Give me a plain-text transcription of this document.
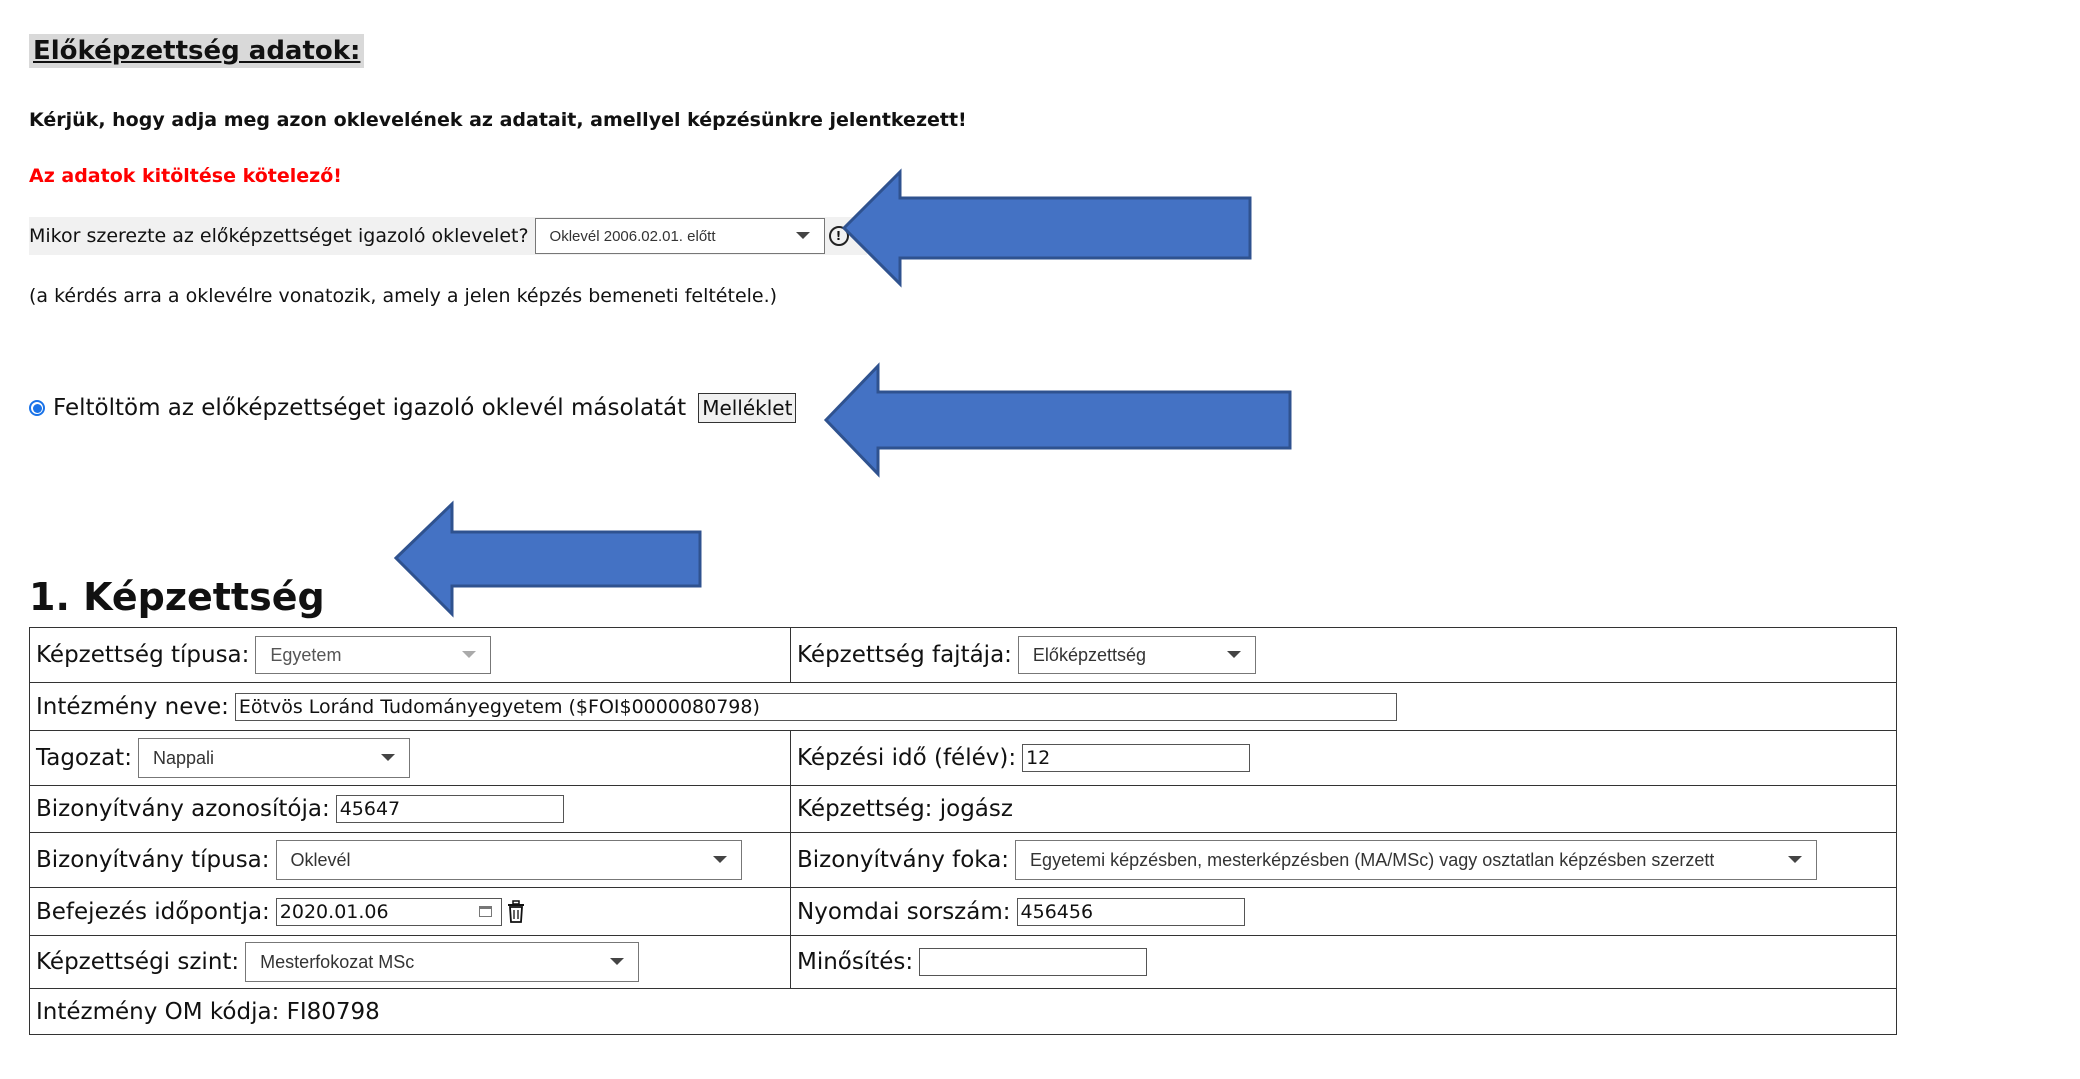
Előképzettség adatok:
Kérjük, hogy adja meg azon oklevelének az adatait, amellyel képzésünkre jelentkezett!
Az adatok kitöltése kötelező!
Mikor szerezte az előképzettséget igazoló oklevelet?	Oklevél 2006.02.01. előtt	!
(a kérdés arra a oklevélre vonatozik, amely a jelen képzés bemeneti feltétele.)
Feltöltöm az előképzettséget igazoló oklevél másolatát Melléklet
1. Képzettség
Képzettség típusa: Egyetem	Képzettség fajtája: Előképzettség

Intézmény neve: Eötvös Loránd Tudományegyetem ($FOI$0000080798)	

Tagozat: Nappali	Képzési idő (félév): 12

Bizonyítvány azonosítója: 45647	Képzettség: jogász

Bizonyítvány típusa: Oklevél	Bizonyítvány foka: Egyetemi képzésben, mesterképzésben (MA/MSc) vagy osztatlan képzésben szerzett

Befejezés időpontja: 2020.01.06	Nyomdai sorszám: 456456

Képzettségi szint: Mesterfokozat MSc	Minősítés:

Intézmény OM kódja: FI80798	
